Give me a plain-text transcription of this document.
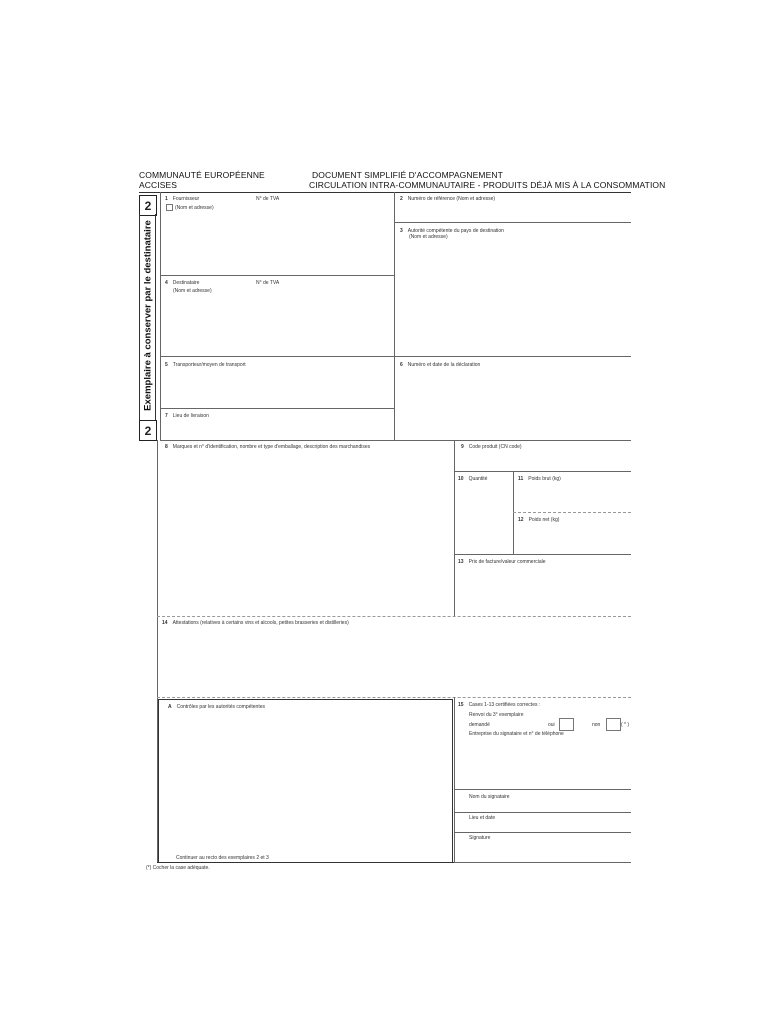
COMMUNAUTÉ EUROPÉENNE
ACCISES
DOCUMENT SIMPLIFIÉ D'ACCOMPAGNEMENT
CIRCULATION INTRA-COMMUNAUTAIRE - PRODUITS DÉJÀ MIS À LA CONSOMMATION
2
2
Exemplaire à conserver par le destinataire
1 Fournisseur	N° de TVA
(Nom et adresse)
2 Numéro de référence (Nom et adresse)
3 Autorité compétente du pays de destination
(Nom et adresse)
4 Destinataire	N° de TVA
(Nom et adresse)
5 Transporteur/moyen de transport	6 Numéro et date de la déclaration
7 Lieu de livraison
8 Marques et n° d'identification, nombre et type d'emballage, description des marchandises	9 Code produit (CN code)
10 Quantité	11 Poids brut (kg)
12 Poids net (kg)
13 Prix de facture/valeur commerciale
14 Attestations (relatives à certains vins et alcools, petites brasseries et distilleries)
A Contrôles par les autorités compétentes
Continuer au recto des exemplaires 2 et 3
15 Cases 1-13 certifiées correctes :
Renvoi du 3° exemplaire
demandé	oui	non	( * )
Entreprise du signataire et n° de téléphone
Nom du signataire
Lieu et date
Signature
(*) Cocher la case adéquate.
